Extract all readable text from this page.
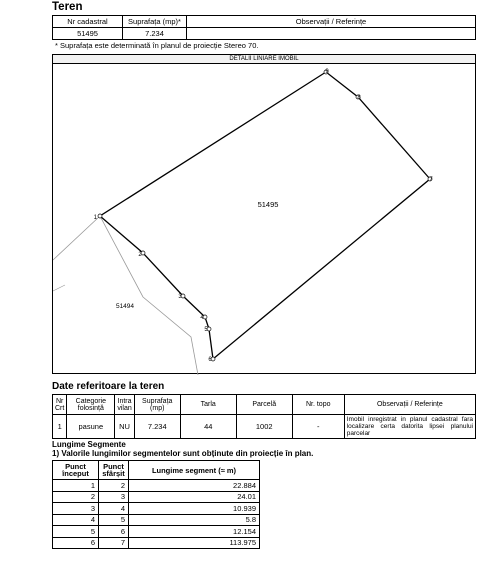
Teren
Nr cadastral	Suprafața (mp)*	Observații / Referințe
51495	7.234	
* Suprafața este determinată în planul de proiecție Stereo 70.
1
2
3
4
5
6
7
8
9
51495
51494
DETALII LINIARE IMOBIL
Date referitoare la teren
Nr Crt	Categorie folosință	Intra vilan	Suprafața (mp)	Tarla	Parcelă	Nr. topo	Observații / Referințe
1	pasune	NU	7.234	44	1002	-	Imobil inregistrat in planul cadastral fara localizare certa datorita lipsei planului parcelar
Lungime Segmente
1) Valorile lungimilor segmentelor sunt obținute din proiecție în plan.
Punct început	Punct sfârșit	Lungime segment (≈ m)
1	2	22.884
2	3	24.01
3	4	10.939
4	5	5.8
5	6	12.154
6	7	113.975
